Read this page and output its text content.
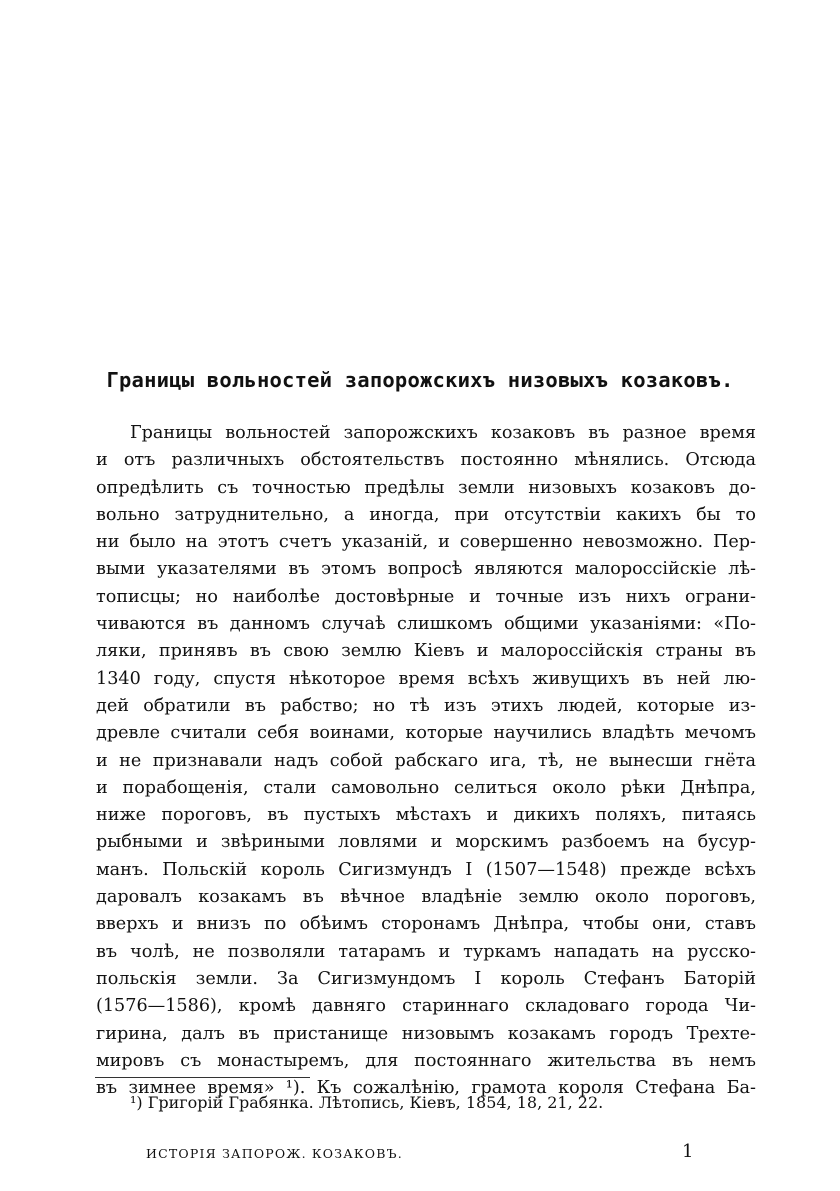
Границы вольностей запорожскихъ низовыхъ козаковъ.
Границы вольностей запорожскихъ козаковъ въ разное время
и отъ различныхъ обстоятельствъ постоянно мѣнялись. Отсюда
опредѣлить съ точностью предѣлы земли низовыхъ козаковъ до-
вольно затруднительно, а иногда, при отсутствіи какихъ бы то
ни было на этотъ счетъ указаній, и совершенно невозможно. Пер-
выми указателями въ этомъ вопросѣ являются малороссійскіе лѣ-
тописцы; но наиболѣе достовѣрные и точные изъ нихъ ограни-
чиваются въ данномъ случаѣ слишкомъ общими указаніями: «По-
ляки, принявъ въ свою землю Кіевъ и малороссійскія страны въ
1340 году, спустя нѣкоторое время всѣхъ живущихъ въ ней лю-
дей обратили въ рабство; но тѣ изъ этихъ людей, которые из-
древле считали себя воинами, которые научились владѣть мечомъ
и не признавали надъ собой рабскаго ига, тѣ, не вынесши гнёта
и порабощенія, стали самовольно селиться около рѣки Днѣпра,
ниже пороговъ, въ пустыхъ мѣстахъ и дикихъ поляхъ, питаясь
рыбными и звѣриными ловлями и морскимъ разбоемъ на бусур-
манъ. Польскій король Сигизмундъ I (1507—1548) прежде всѣхъ
даровалъ козакамъ въ вѣчное владѣніе землю около пороговъ,
вверхъ и внизъ по обѣимъ сторонамъ Днѣпра, чтобы они, ставъ
въ чолѣ, не позволяли татарамъ и туркамъ нападать на русско-
польскія земли. За Сигизмундомъ I король Стефанъ Баторій
(1576—1586), кромѣ давняго стариннаго складоваго города Чи-
гирина, далъ въ пристанище низовымъ козакамъ городъ Трехте-
мировъ съ монастыремъ, для постояннаго жительства въ немъ
въ зимнее время» ¹). Къ сожалѣнію, грамота короля Стефана Ба-
¹) Григорій Грабянка. Лѣтопись, Кіевъ, 1854, 18, 21, 22.
ИСТОРІЯ ЗАПОРОЖ. КОЗАКОВЪ.	1
